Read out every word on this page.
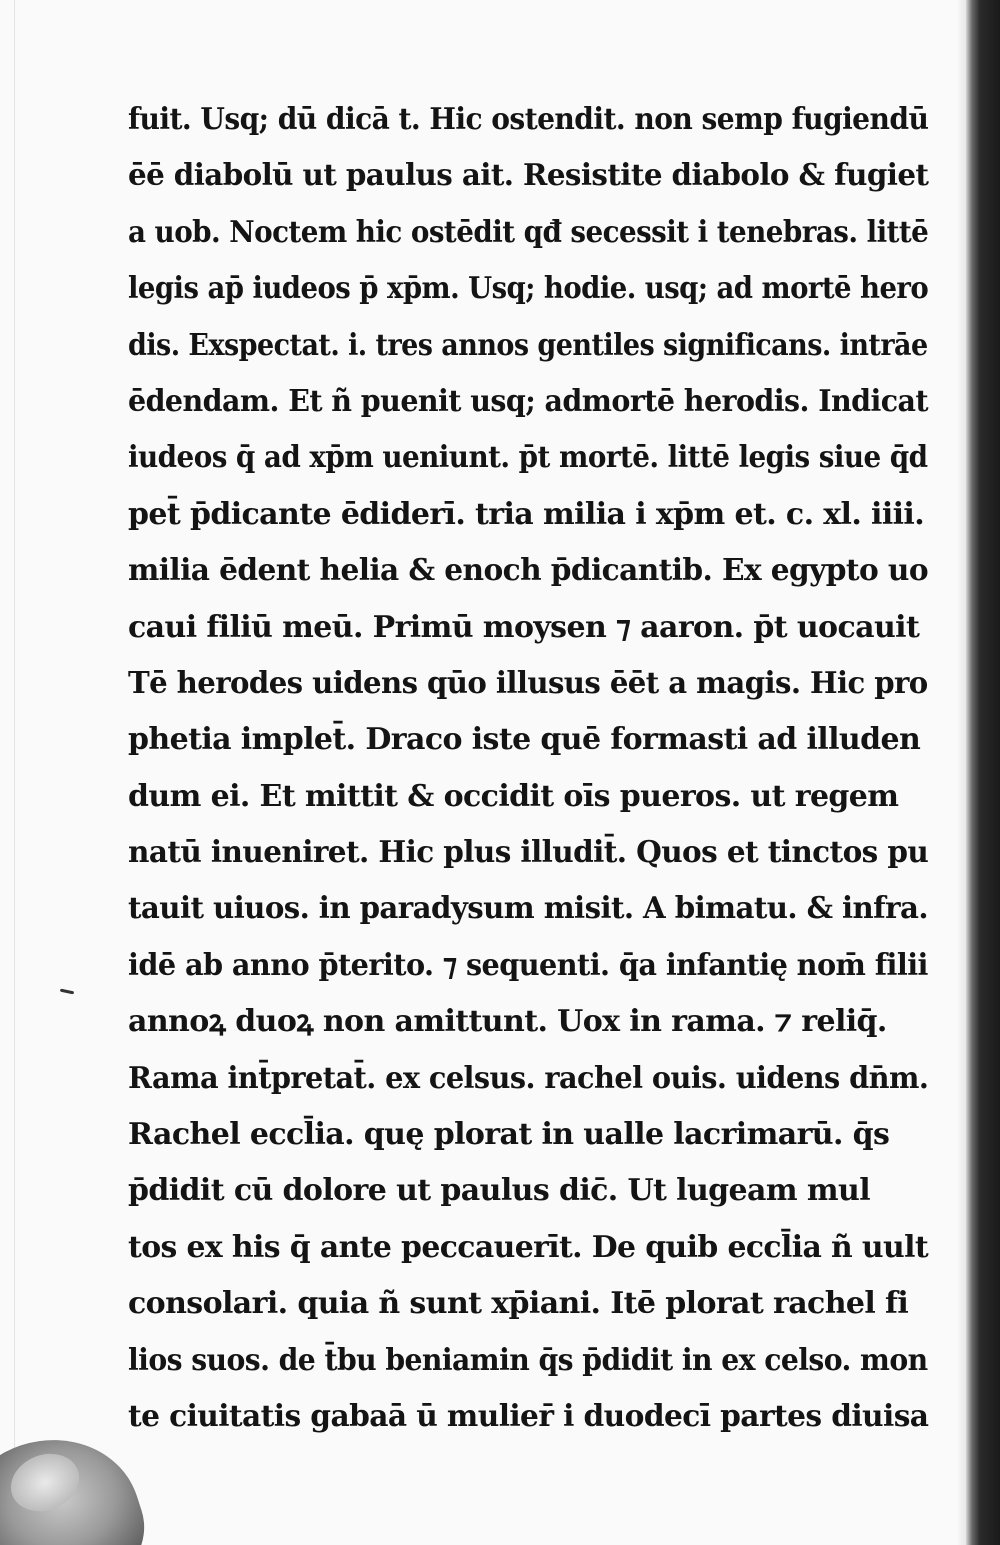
fuit. Usq; dū dicā t. Hic ostendit. non semp fugiendū
ēē diabolū ut paulus ait. Resistite diabolo & fugiet
a uob. Noctem hic ostēdit qđ secessit i tenebras. littē
legis ap̄ iudeos p̄ xp̄m. Usq; hodie. usq; ad mortē hero
dis. Exspectat. i. tres annos gentiles significans. intrāe
ēdendam. Et ñ puenit usq; admortē herodis. Indicat
iudeos q̄ ad xp̄m ueniunt. p̄t mortē. littē legis siue q̄d
pet̄ p̄dicante ēdiderī. tria milia i xp̄m et. c. xl. iiii.
milia ēdent helia & enoch p̄dicantib. Ex egypto uo
caui filiū meū. Primū moysen ⁊ aaron. p̄t uocauit
Tē herodes uidens qūo illusus ēēt a magis. Hic pro
phetia implet̄. Draco iste quē formasti ad illuden
dum ei. Et mittit & occidit oīs pueros. ut regem
natū inueniret. Hic plus illudit̄. Quos et tinctos pu
tauit uiuos. in paradysum misit. A bimatu. & infra.
idē ab anno p̄terito. ⁊ sequenti. q̄a infantię nom̄ filii
annoꝝ duoꝝ non amittunt. Uox in rama. ⁊ reliq̄.
Rama int̄pretat̄. ex celsus. rachel ouis. uidens dn̄m.
Rachel eccl̄ia. quę plorat in ualle lacrimarū. q̄s
p̄didit cū dolore ut paulus dic̄. Ut lugeam mul
tos ex his q̄ ante peccauerīt. De quib eccl̄ia ñ uult
consolari. quia ñ sunt xp̄iani. Itē plorat rachel fi
lios suos. de t̄bu beniamin q̄s p̄didit in ex celso. mon
te ciuitatis gabaā ū mulier̄ i duodecī partes diuisa
